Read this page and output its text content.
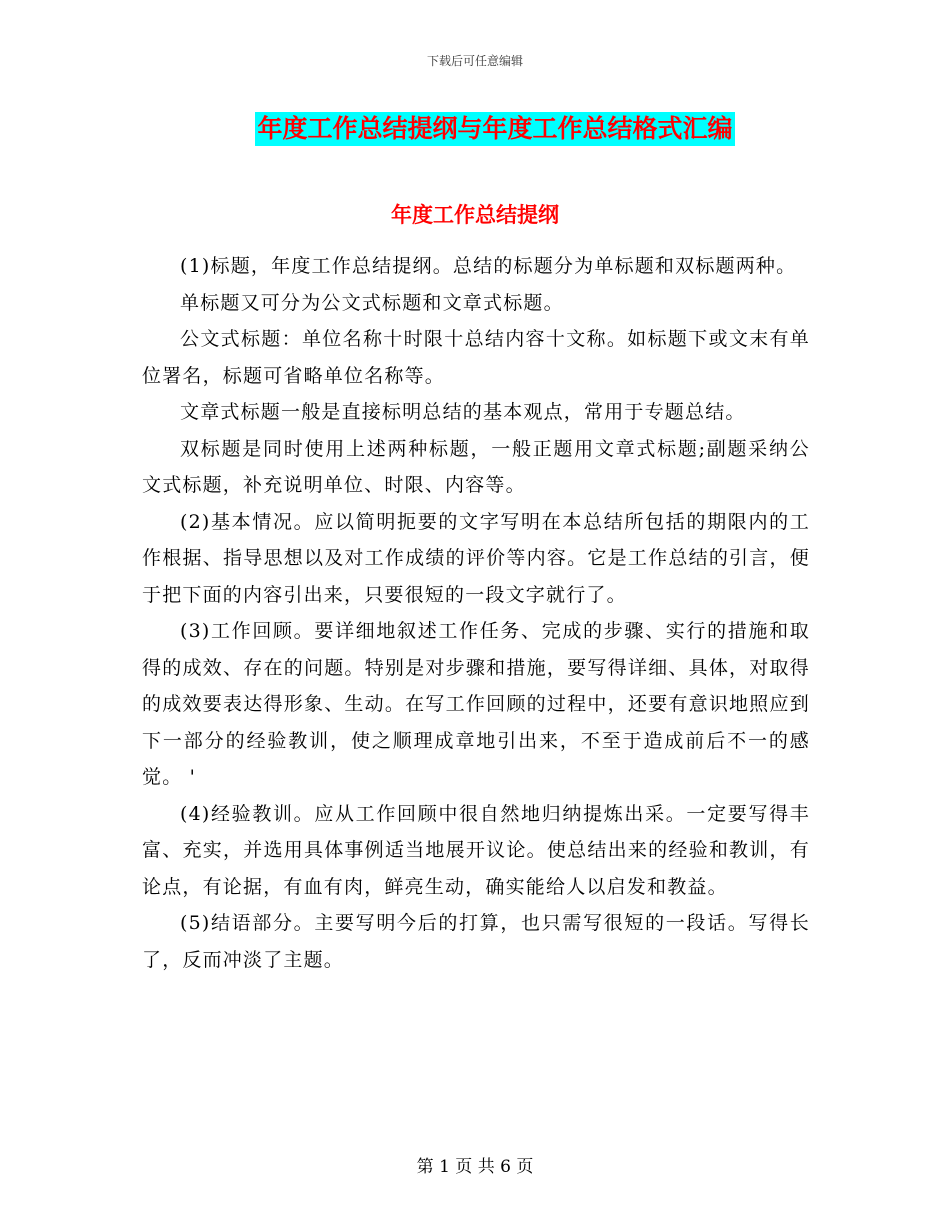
下载后可任意编辑
年度工作总结提纲与年度工作总结格式汇编
年度工作总结提纲

(1)标题，年度工作总结提纲。总结的标题分为单标题和双标题两种。

单标题又可分为公文式标题和文章式标题。

公文式标题：单位名称十时限十总结内容十文称。如标题下或文末有单位署名，标题可省略单位名称等。

文章式标题一般是直接标明总结的基本观点，常用于专题总结。

双标题是同时使用上述两种标题，一般正题用文章式标题;副题采纳公文式标题，补充说明单位、时限、内容等。

(2)基本情况。应以简明扼要的文字写明在本总结所包括的期限内的工作根据、指导思想以及对工作成绩的评价等内容。它是工作总结的引言，便于把下面的内容引出来，只要很短的一段文字就行了。

(3)工作回顾。要详细地叙述工作任务、完成的步骤、实行的措施和取得的成效、存在的问题。特别是对步骤和措施，要写得详细、具体，对取得的成效要表达得形象、生动。在写工作回顾的过程中，还要有意识地照应到下一部分的经验教训，使之顺理成章地引出来，不至于造成前后不一的感觉。 '

(4)经验教训。应从工作回顾中很自然地归纳提炼出采。一定要写得丰富、充实，并选用具体事例适当地展开议论。使总结出来的经验和教训，有论点，有论据，有血有肉，鲜亮生动，确实能给人以启发和教益。

(5)结语部分。主要写明今后的打算，也只需写很短的一段话。写得长了，反而冲淡了主题。

第 1 页 共 6 页
